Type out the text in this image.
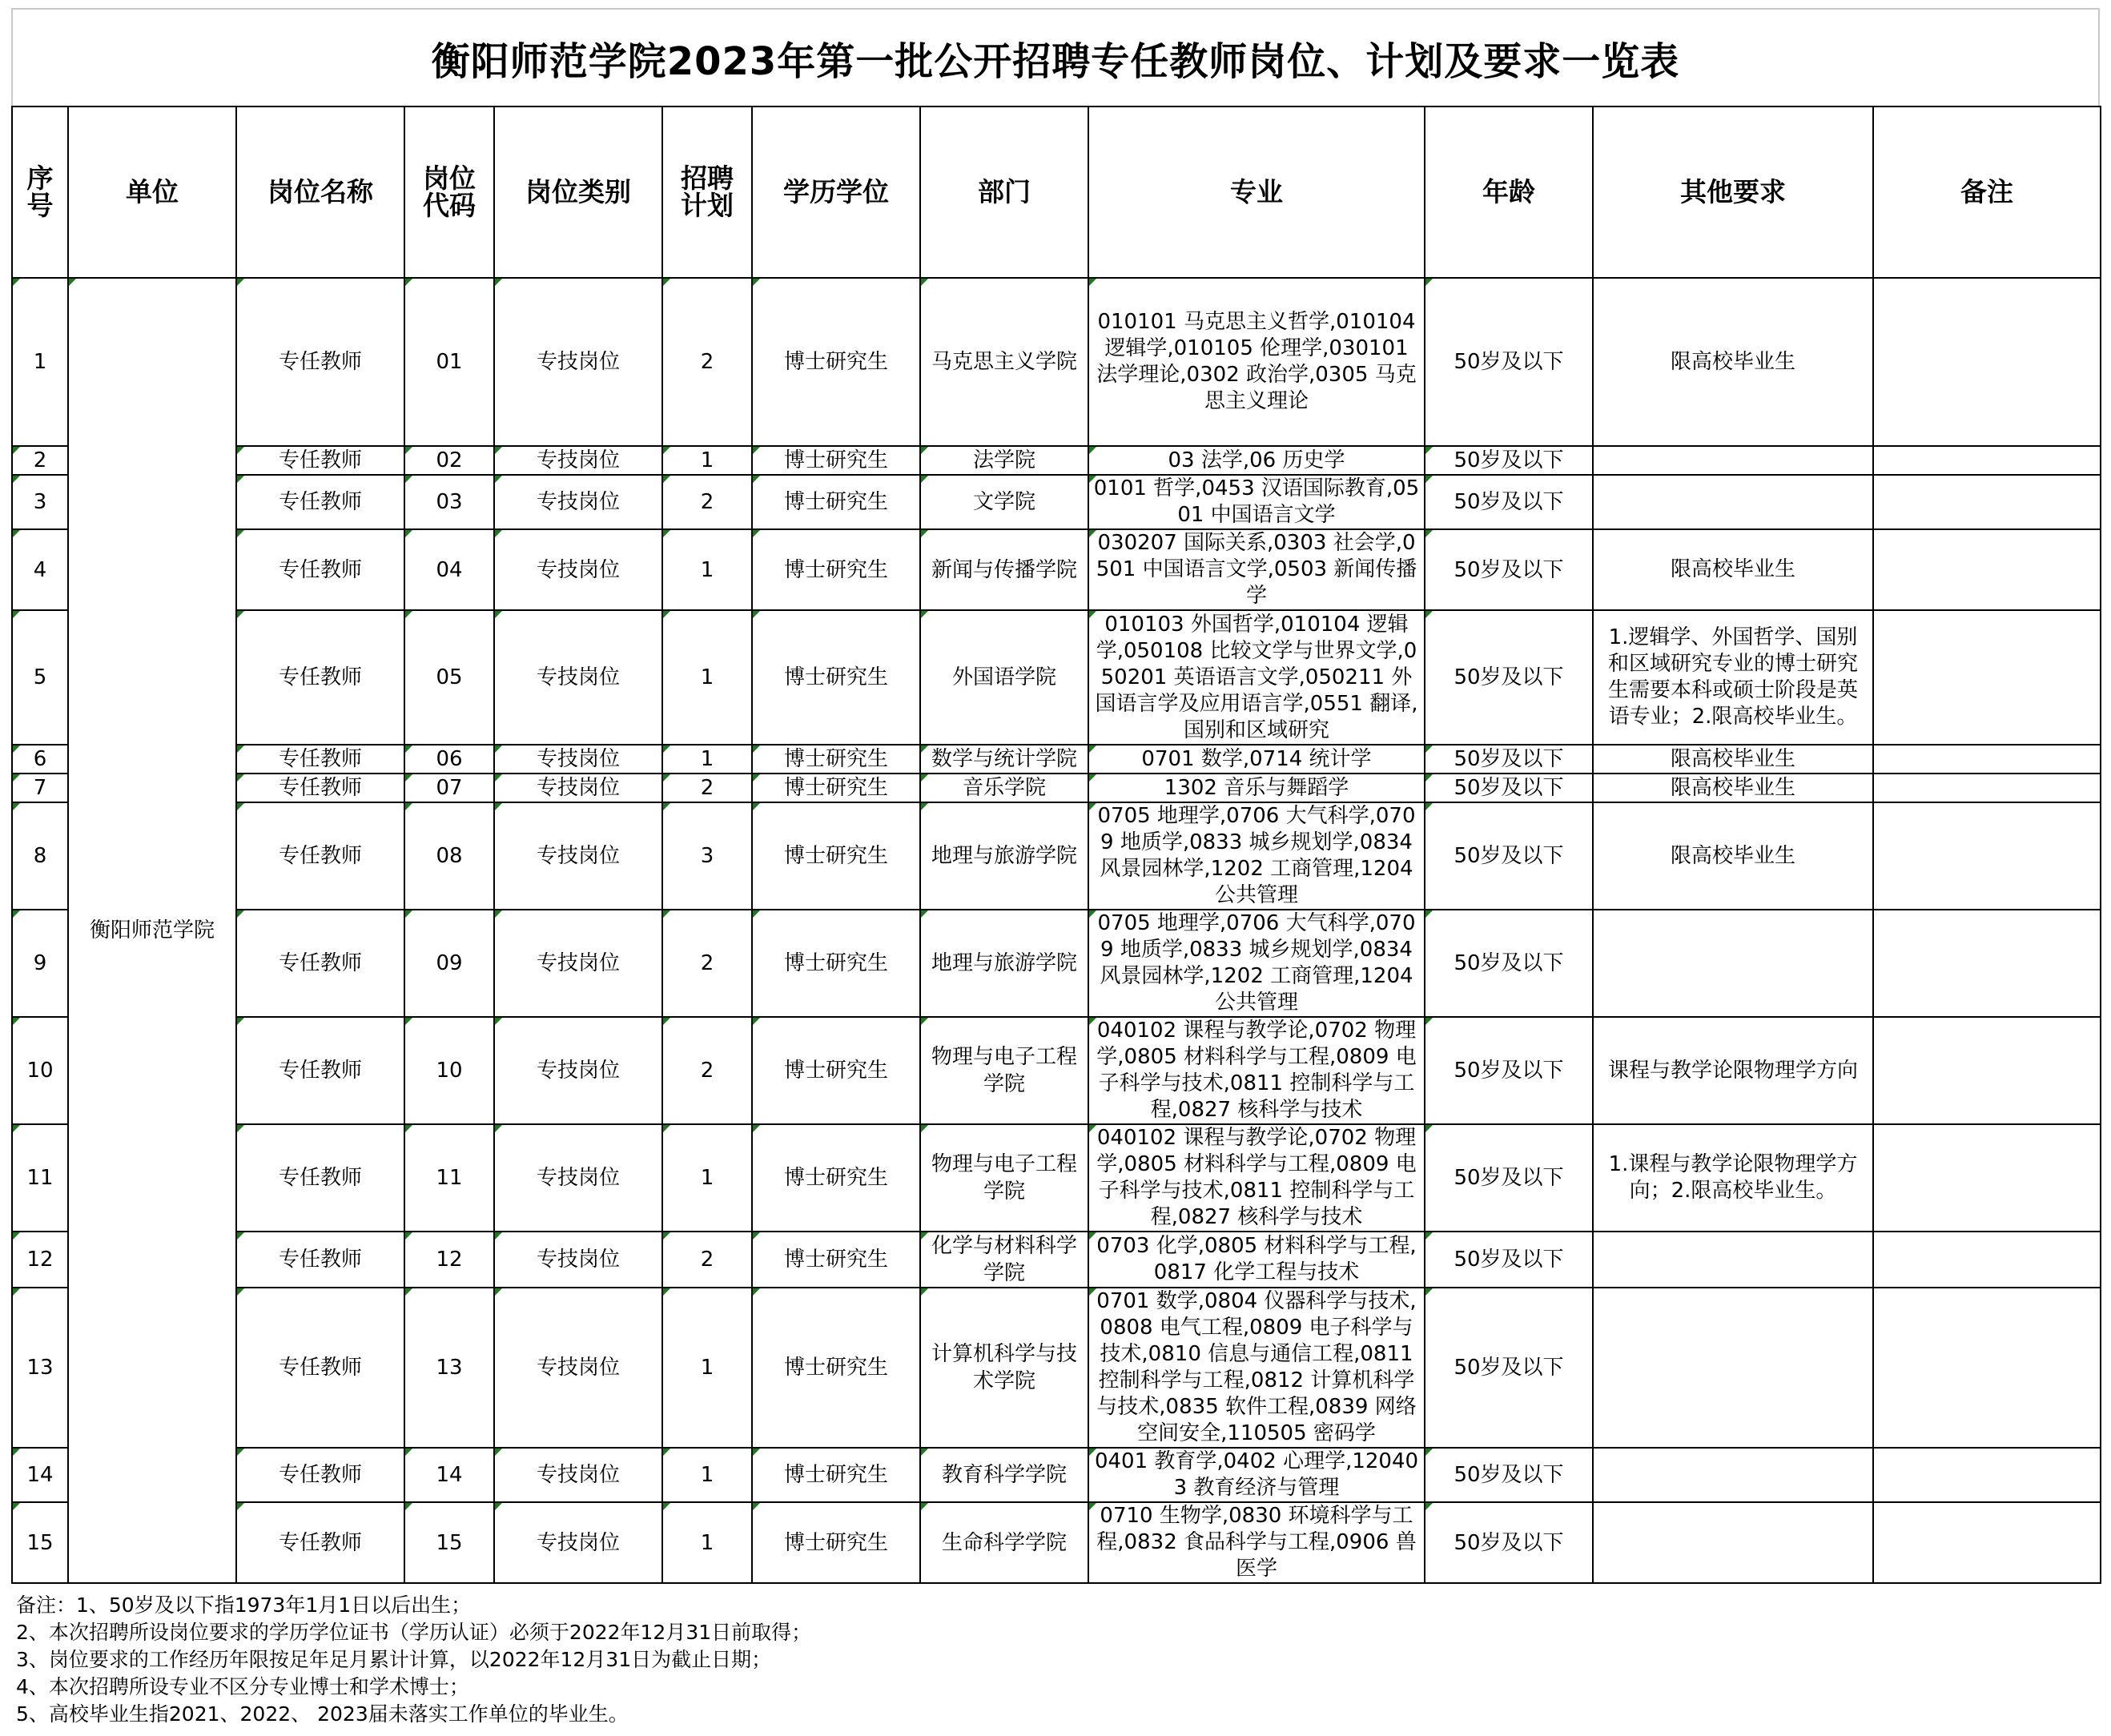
衡阳师范学院2023年第一批公开招聘专任教师岗位、计划及要求一览表
序号	单位	岗位名称	岗位代码	岗位类别	招聘计划	学历学位	部门	专业	年龄	其他要求	备注
1	衡阳师范学院	专任教师	01	专技岗位	2	博士研究生	马克思主义学院	010101 马克思主义哲学,010104 逻辑学,010105 伦理学,030101 法学理论,0302 政治学,0305 马克思主义理论	50岁及以下	限高校毕业生	
2		专任教师	02	专技岗位	1	博士研究生	法学院	03 法学,06 历史学	50岁及以下		
3		专任教师	03	专技岗位	2	博士研究生	文学院	0101 哲学,0453 汉语国际教育,0501 中国语言文学	50岁及以下		
4		专任教师	04	专技岗位	1	博士研究生	新闻与传播学院	030207 国际关系,0303 社会学,0501 中国语言文学,0503 新闻传播学	50岁及以下	限高校毕业生	
5		专任教师	05	专技岗位	1	博士研究生	外国语学院	010103 外国哲学,010104 逻辑学,050108 比较文学与世界文学,050201 英语语言文学,050211 外国语言学及应用语言学,0551 翻译,国别和区域研究	50岁及以下	1.逻辑学、外国哲学、国别和区域研究专业的博士研究生需要本科或硕士阶段是英语专业；2.限高校毕业生。	
6		专任教师	06	专技岗位	1	博士研究生	数学与统计学院	0701 数学,0714 统计学	50岁及以下	限高校毕业生	
7		专任教师	07	专技岗位	2	博士研究生	音乐学院	1302 音乐与舞蹈学	50岁及以下	限高校毕业生	
8		专任教师	08	专技岗位	3	博士研究生	地理与旅游学院	0705 地理学,0706 大气科学,0709 地质学,0833 城乡规划学,0834 风景园林学,1202 工商管理,1204 公共管理	50岁及以下	限高校毕业生	
9		专任教师	09	专技岗位	2	博士研究生	地理与旅游学院	0705 地理学,0706 大气科学,0709 地质学,0833 城乡规划学,0834 风景园林学,1202 工商管理,1204 公共管理	50岁及以下		
10		专任教师	10	专技岗位	2	博士研究生	物理与电子工程学院	040102 课程与教学论,0702 物理学,0805 材料科学与工程,0809 电子科学与技术,0811 控制科学与工程,0827 核科学与技术	50岁及以下	课程与教学论限物理学方向	
11		专任教师	11	专技岗位	1	博士研究生	物理与电子工程学院	040102 课程与教学论,0702 物理学,0805 材料科学与工程,0809 电子科学与技术,0811 控制科学与工程,0827 核科学与技术	50岁及以下	1.课程与教学论限物理学方向；2.限高校毕业生。	
12		专任教师	12	专技岗位	2	博士研究生	化学与材料科学学院	0703 化学,0805 材料科学与工程,0817 化学工程与技术	50岁及以下		
13		专任教师	13	专技岗位	1	博士研究生	计算机科学与技术学院	0701 数学,0804 仪器科学与技术,0808 电气工程,0809 电子科学与技术,0810 信息与通信工程,0811 控制科学与工程,0812 计算机科学与技术,0835 软件工程,0839 网络空间安全,110505 密码学	50岁及以下		
14		专任教师	14	专技岗位	1	博士研究生	教育科学学院	0401 教育学,0402 心理学,120403 教育经济与管理	50岁及以下		
15		专任教师	15	专技岗位	1	博士研究生	生命科学学院	0710 生物学,0830 环境科学与工程,0832 食品科学与工程,0906 兽医学	50岁及以下		
备注：1、50岁及以下指1973年1月1日以后出生；
2、本次招聘所设岗位要求的学历学位证书（学历认证）必须于2022年12月31日前取得；
3、岗位要求的工作经历年限按足年足月累计计算，以2022年12月31日为截止日期；
4、本次招聘所设专业不区分专业博士和学术博士；
5、高校毕业生指2021、2022、 2023届未落实工作单位的毕业生。
